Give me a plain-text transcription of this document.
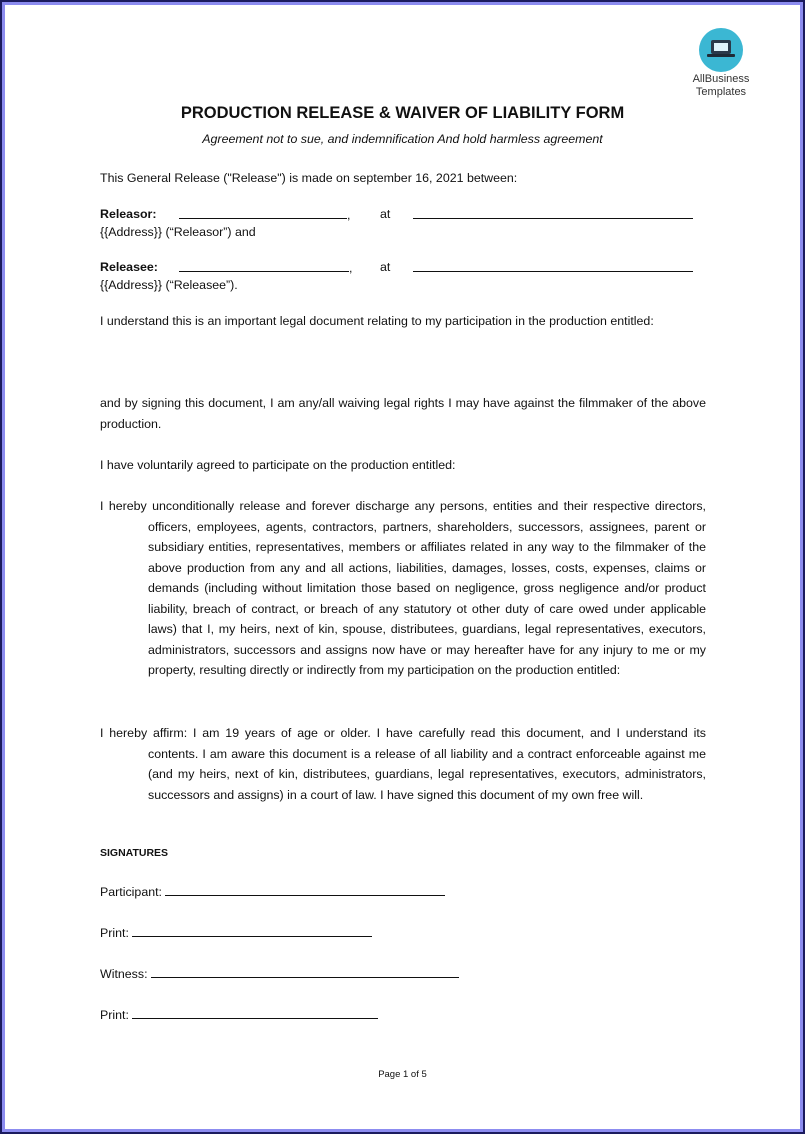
AllBusiness
Templates
PRODUCTION RELEASE & WAIVER OF LIABILITY FORM
Agreement not to sue, and indemnification And hold harmless agreement
This General Release ("Release") is made on september 16, 2021 between:
Releasor:	, at
{{Address}} (“Releasor”) and
Releasee:	, at
{{Address}} (“Releasee”).
I understand this is an important legal document relating to my participation in the production entitled:
and by signing this document, I am any/all waiving legal rights I may have against the filmmaker of the above production.
I have voluntarily agreed to participate on the production entitled:
I hereby unconditionally release and forever discharge any persons, entities and their respective directors, officers, employees, agents, contractors, partners, shareholders, successors, assignees, parent or subsidiary entities, representatives, members or affiliates related in any way to the filmmaker of the above production from any and all actions, liabilities, damages, losses, costs, expenses, claims or demands (including without limitation those based on negligence, gross negligence and/or product liability, breach of contract, or breach of any statutory ot other duty of care owed under applicable laws) that I, my heirs, next of kin, spouse, distributees, guardians, legal representatives, executors, administrators, successors and assigns now have or may hereafter have for any injury to me or my property, resulting directly or indirectly from my participation on the production entitled:
I hereby affirm: I am 19 years of age or older. I have carefully read this document, and I understand its contents. I am aware this document is a release of all liability and a contract enforceable against me (and my heirs, next of kin, distributees, guardians, legal representatives, executors, administrators, successors and assigns) in a court of law. I have signed this document of my own free will.
SIGNATURES
Participant:
Print:
Witness:
Print:
Page 1 of 5
